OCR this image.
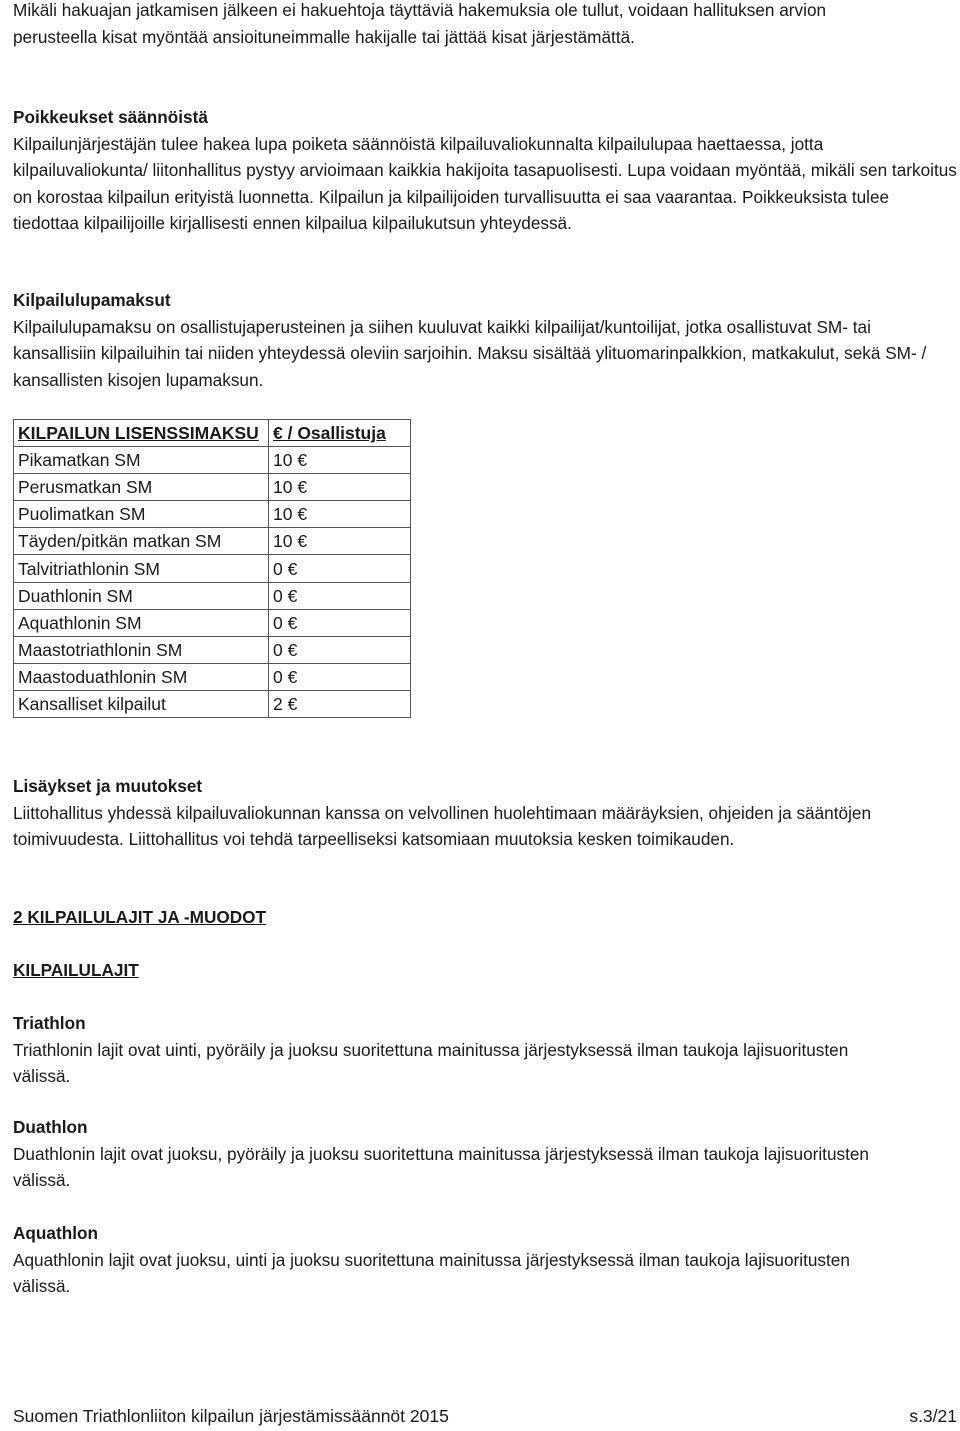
Mikäli hakuajan jatkamisen jälkeen ei hakuehtoja täyttäviä hakemuksia ole tullut, voidaan hallituksen arvion perusteella kisat myöntää ansioituneimmalle hakijalle tai jättää kisat järjestämättä.

Poikkeukset säännöistä

Kilpailunjärjestäjän tulee hakea lupa poiketa säännöistä kilpailuvaliokunnalta kilpailulupaa haettaessa, jotta kilpailuvaliokunta/ liitonhallitus pystyy arvioimaan kaikkia hakijoita tasapuolisesti. Lupa voidaan myöntää, mikäli sen tarkoitus on korostaa kilpailun erityistä luonnetta. Kilpailun ja kilpailijoiden turvallisuutta ei saa vaarantaa. Poikkeuksista tulee tiedottaa kilpailijoille kirjallisesti ennen kilpailua kilpailukutsun yhteydessä.

Kilpailulupamaksut

Kilpailulupamaksu on osallistujaperusteinen ja siihen kuuluvat kaikki kilpailijat/kuntoilijat, jotka osallistuvat SM- tai kansallisiin kilpailuihin tai niiden yhteydessä oleviin sarjoihin. Maksu sisältää ylituomarinpalkkion, matkakulut, sekä SM- / kansallisten kisojen lupamaksun.

KILPAILUN LISENSSIMAKSU	€ / Osallistuja
Pikamatkan SM	10 €
Perusmatkan SM	10 €
Puolimatkan SM	10 €
Täyden/pitkän matkan SM	10 €
Talvitriathlonin SM	0 €
Duathlonin SM	0 €
Aquathlonin SM	0 €
Maastotriathlonin SM	0 €
Maastoduathlonin SM	0 €
Kansalliset kilpailut	2 €

Lisäykset ja muutokset

Liittohallitus yhdessä kilpailuvaliokunnan kanssa on velvollinen huolehtimaan määräyksien, ohjeiden ja sääntöjen toimivuudesta. Liittohallitus voi tehdä tarpeelliseksi katsomiaan muutoksia kesken toimikauden.

2 KILPAILULAJIT JA -MUODOT

KILPAILULAJIT

Triathlon

Triathlonin lajit ovat uinti, pyöräily ja juoksu suoritettuna mainitussa järjestyksessä ilman taukoja lajisuoritusten välissä.

Duathlon

Duathlonin lajit ovat juoksu, pyöräily ja juoksu suoritettuna mainitussa järjestyksessä ilman taukoja lajisuoritusten välissä.

Aquathlon

Aquathlonin lajit ovat juoksu, uinti ja juoksu suoritettuna mainitussa järjestyksessä ilman taukoja lajisuoritusten välissä.

Suomen Triathlonliiton kilpailun järjestämissäännöt 2015	s.3/21
